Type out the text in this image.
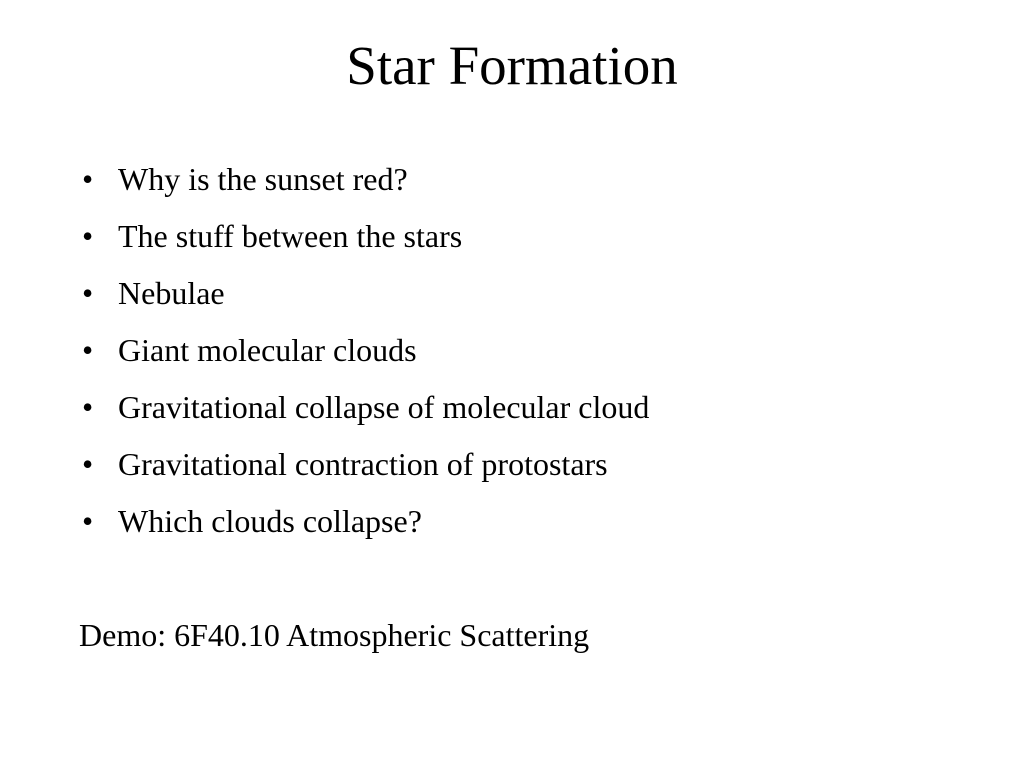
Star Formation
• Why is the sunset red?
• The stuff between the stars
• Nebulae
• Giant molecular clouds
• Gravitational collapse of molecular cloud
• Gravitational contraction of protostars
• Which clouds collapse?
Demo: 6F40.10 Atmospheric Scattering
